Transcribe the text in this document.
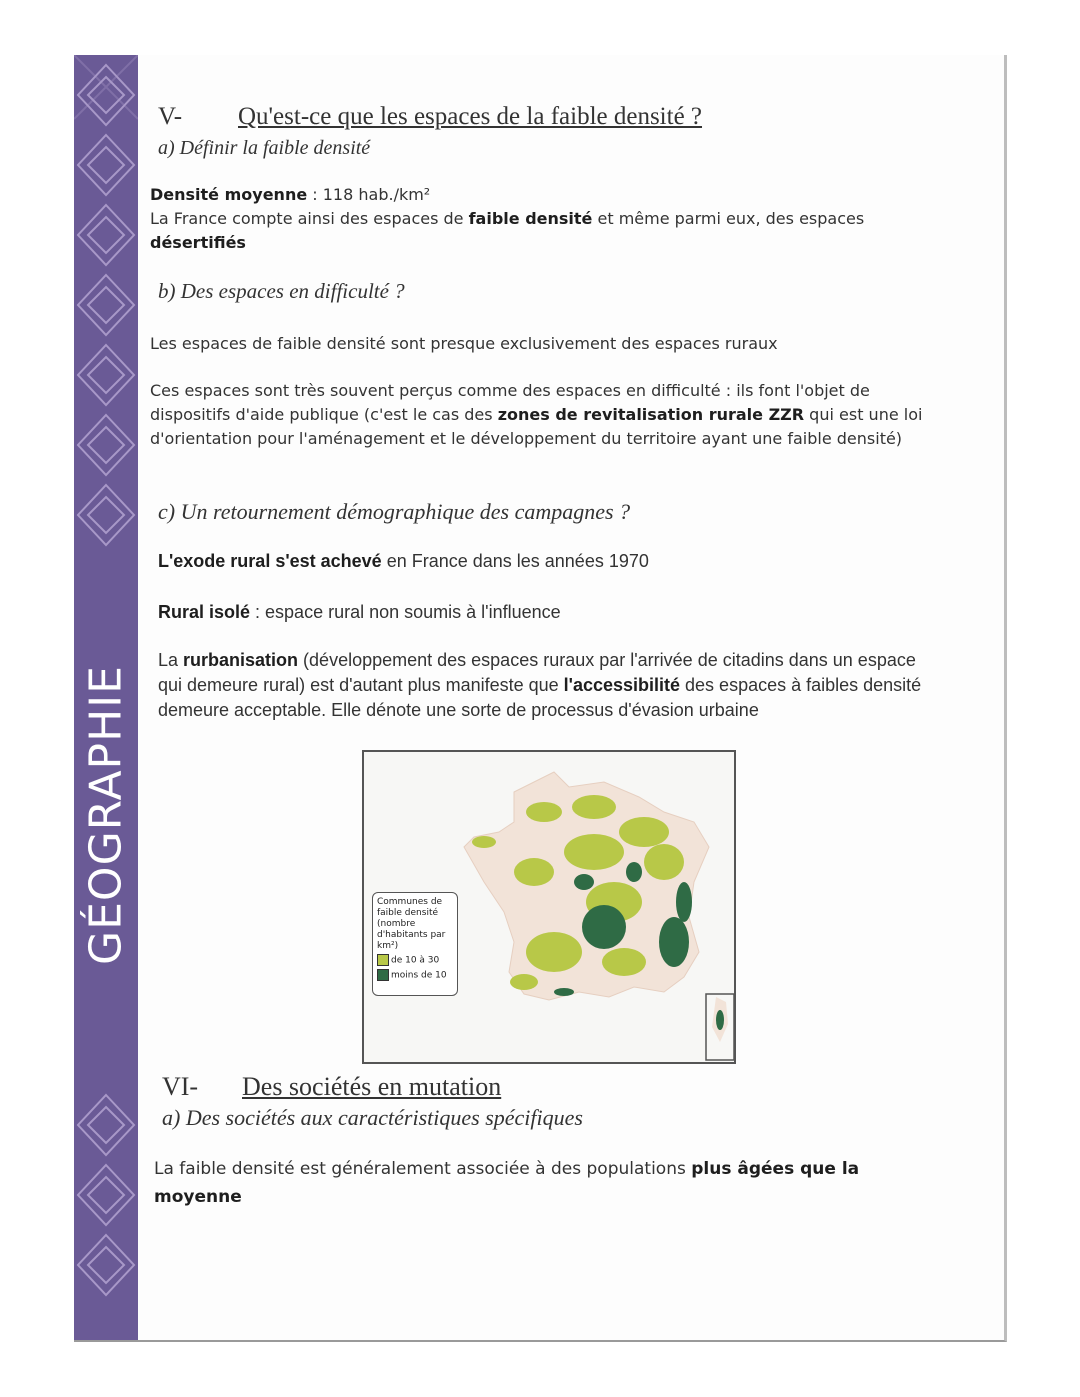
GÉOGRAPHIE
V- Qu'est-ce que les espaces de la faible densité ?
a) Définir la faible densité
Densité moyenne : 118 hab./km²
La France compte ainsi des espaces de faible densité et même parmi eux, des espaces
désertifiés
b) Des espaces en difficulté ?
Les espaces de faible densité sont presque exclusivement des espaces ruraux
Ces espaces sont très souvent perçus comme des espaces en difficulté : ils font l'objet de dispositifs d'aide publique (c'est le cas des zones de revitalisation rurale ZZR qui est une loi d'orientation pour l'aménagement et le développement du territoire ayant une faible densité)
c) Un retournement démographique des campagnes ?
L'exode rural s'est achevé en France dans les années 1970
Rural isolé : espace rural non soumis à l'influence
La rurbanisation (développement des espaces ruraux par l'arrivée de citadins dans un espace qui demeure rural) est d'autant plus manifeste que l'accessibilité des espaces à faibles densité demeure acceptable. Elle dénote une sorte de processus d'évasion urbaine
Communes de faible densité (nombre d'habitants par km²)
de 10 à 30
moins de 10
VI- Des sociétés en mutation
a) Des sociétés aux caractéristiques spécifiques
La faible densité est généralement associée à des populations plus âgées que la moyenne
